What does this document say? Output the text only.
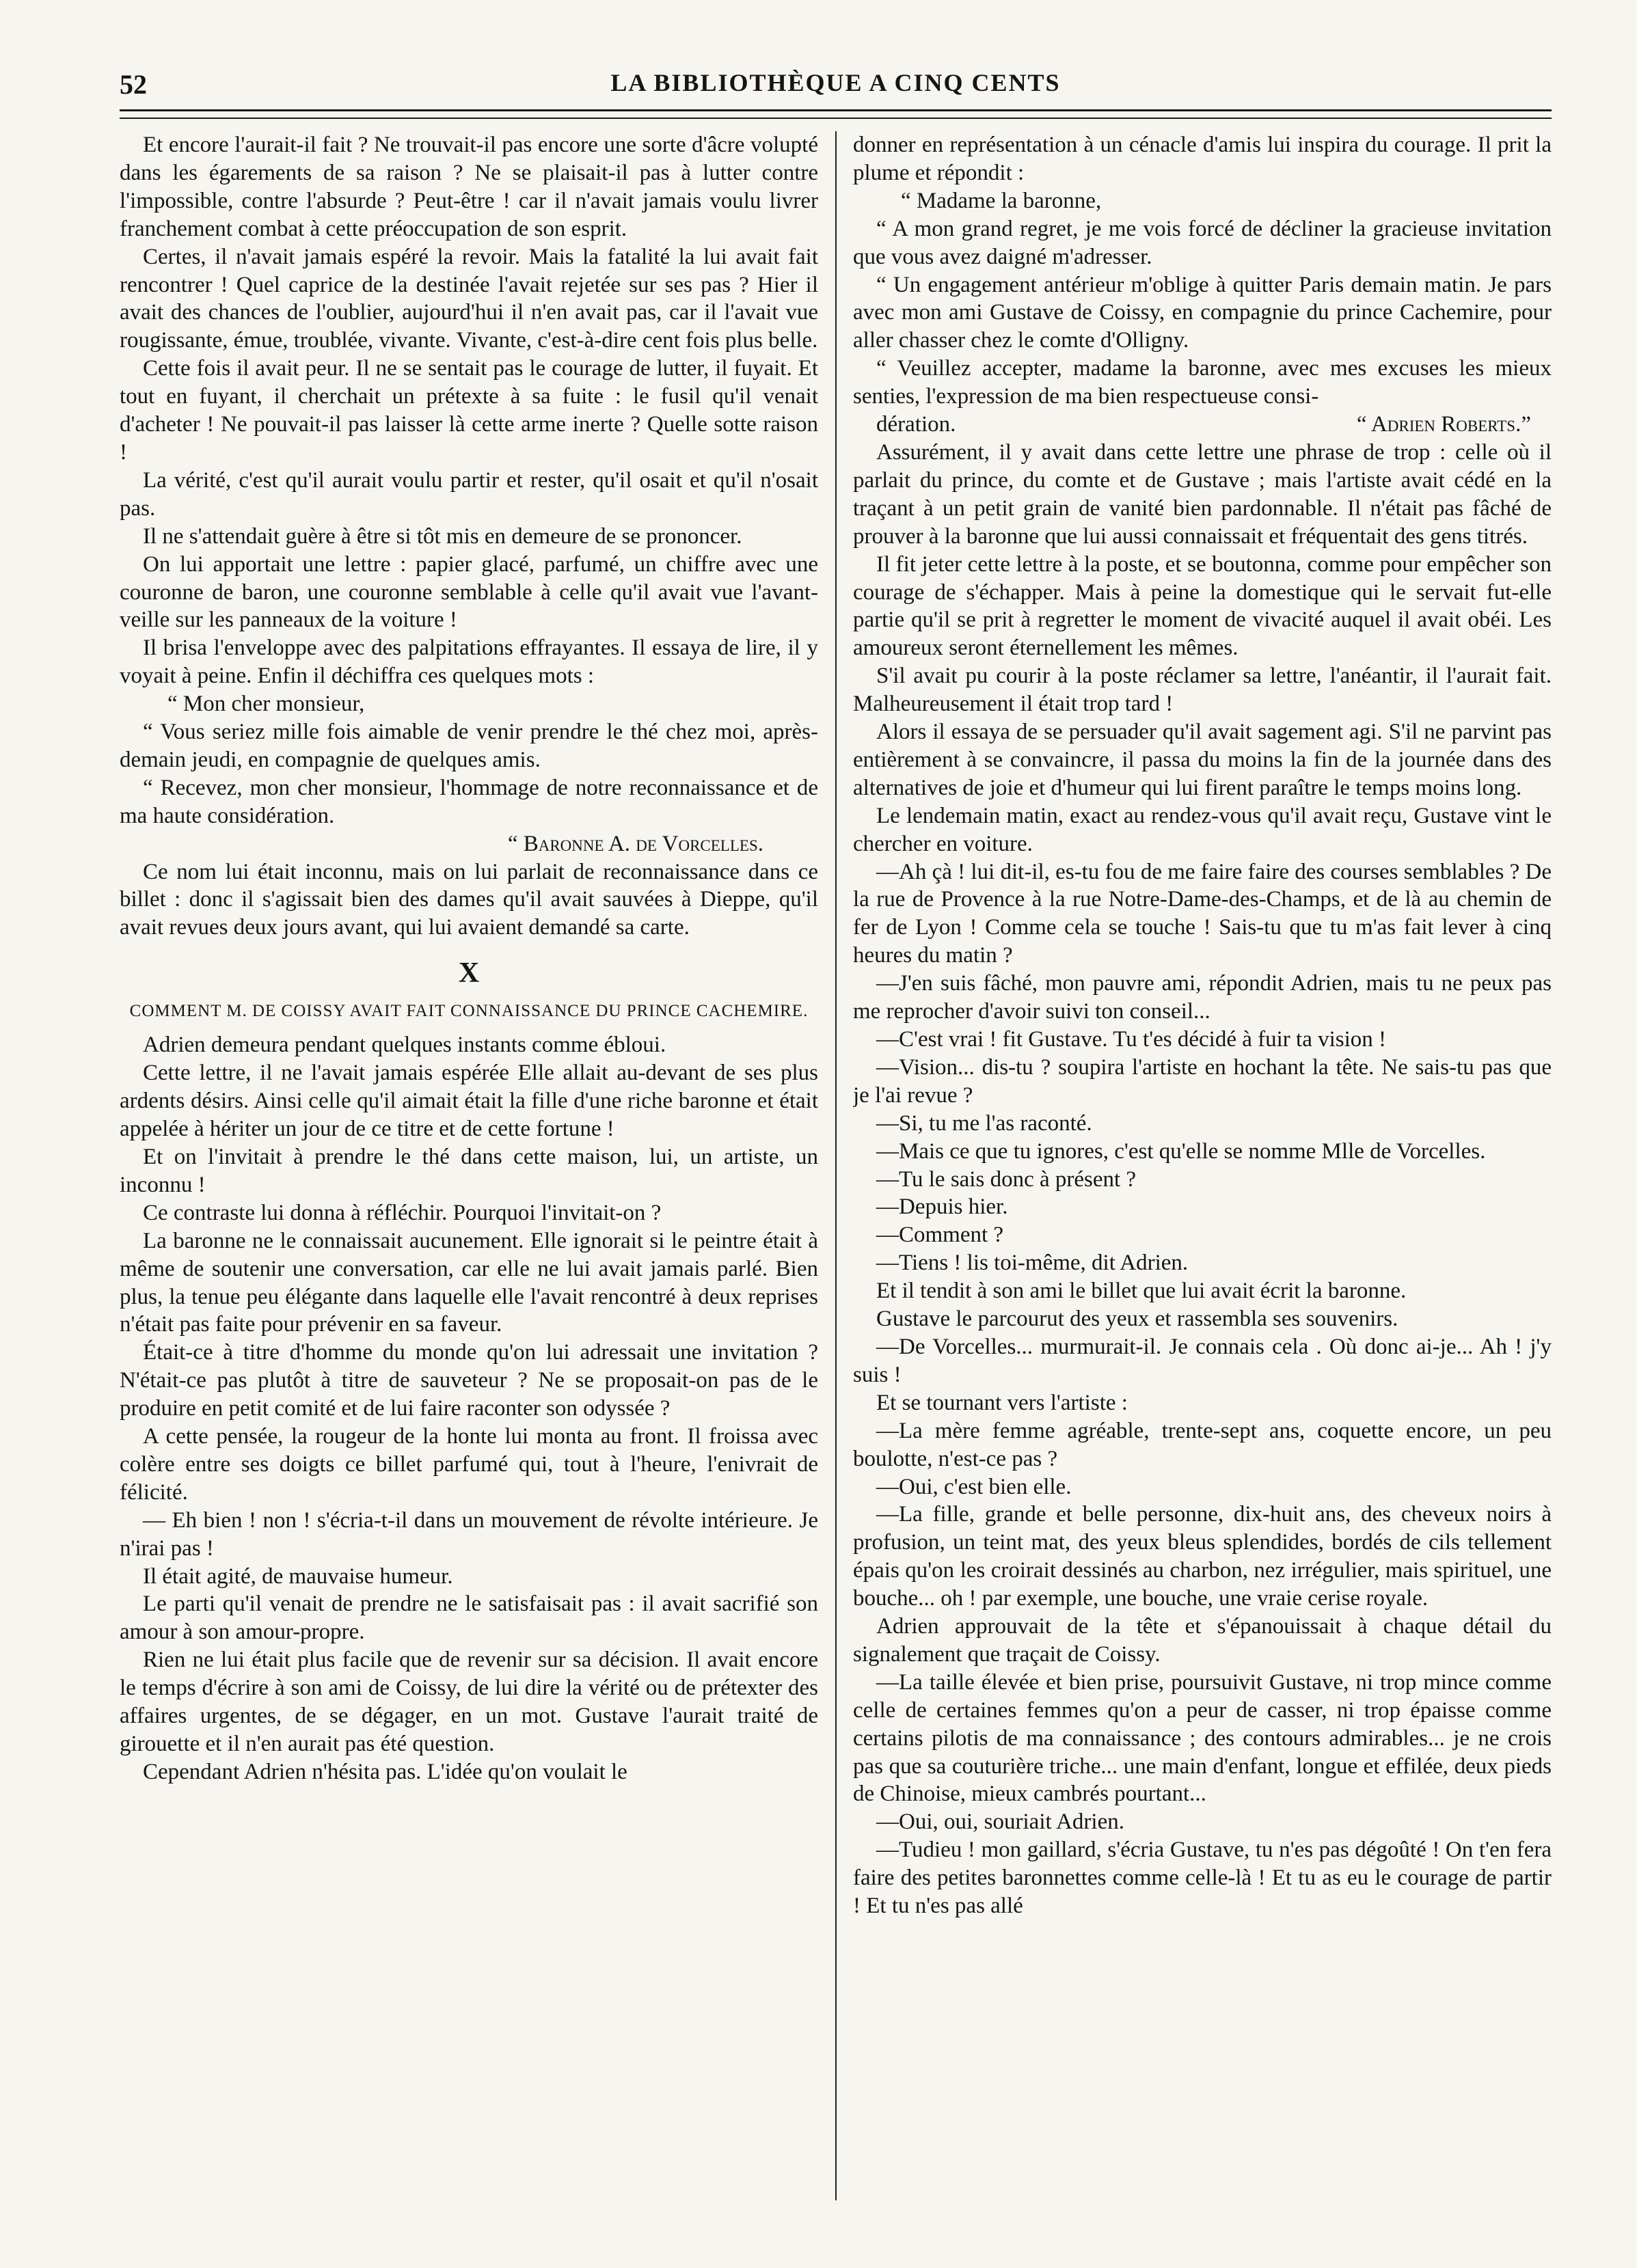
52	LA BIBLIOTHÈQUE A CINQ CENTS

Et encore l'aurait-il fait ? Ne trouvait-il pas encore une sorte d'âcre volupté dans les égarements de sa raison ? Ne se plaisait-il pas à lutter contre l'impossible, contre l'absurde ? Peut-être ! car il n'avait jamais voulu livrer franchement combat à cette préoccupation de son esprit.

Certes, il n'avait jamais espéré la revoir. Mais la fatalité la lui avait fait rencontrer ! Quel caprice de la destinée l'avait rejetée sur ses pas ? Hier il avait des chances de l'oublier, aujourd'hui il n'en avait pas, car il l'avait vue rougissante, émue, troublée, vivante. Vivante, c'est-à-dire cent fois plus belle.

Cette fois il avait peur. Il ne se sentait pas le courage de lutter, il fuyait. Et tout en fuyant, il cherchait un prétexte à sa fuite : le fusil qu'il venait d'acheter ! Ne pouvait-il pas laisser là cette arme inerte ? Quelle sotte raison !

La vérité, c'est qu'il aurait voulu partir et rester, qu'il osait et qu'il n'osait pas.

Il ne s'attendait guère à être si tôt mis en demeure de se prononcer.

On lui apportait une lettre : papier glacé, parfumé, un chiffre avec une couronne de baron, une couronne semblable à celle qu'il avait vue l'avant-veille sur les panneaux de la voiture !

Il brisa l'enveloppe avec des palpitations effrayantes. Il essaya de lire, il y voyait à peine. Enfin il déchiffra ces quelques mots :

“ Mon cher monsieur,

“ Vous seriez mille fois aimable de venir prendre le thé chez moi, après-demain jeudi, en compagnie de quelques amis.

“ Recevez, mon cher monsieur, l'hommage de notre reconnaissance et de ma haute considération.

“ Baronne A. de Vorcelles.

Ce nom lui était inconnu, mais on lui parlait de reconnaissance dans ce billet : donc il s'agissait bien des dames qu'il avait sauvées à Dieppe, qu'il avait revues deux jours avant, qui lui avaient demandé sa carte.

X
COMMENT M. DE COISSY AVAIT FAIT CONNAISSANCE DU PRINCE CACHEMIRE.

Adrien demeura pendant quelques instants comme ébloui.

Cette lettre, il ne l'avait jamais espérée Elle allait au-devant de ses plus ardents désirs. Ainsi celle qu'il aimait était la fille d'une riche baronne et était appelée à hériter un jour de ce titre et de cette fortune !

Et on l'invitait à prendre le thé dans cette maison, lui, un artiste, un inconnu !

Ce contraste lui donna à réfléchir. Pourquoi l'invitait-on ?

La baronne ne le connaissait aucunement. Elle ignorait si le peintre était à même de soutenir une conversation, car elle ne lui avait jamais parlé. Bien plus, la tenue peu élégante dans laquelle elle l'avait rencontré à deux reprises n'était pas faite pour prévenir en sa faveur.

Était-ce à titre d'homme du monde qu'on lui adressait une invitation ? N'était-ce pas plutôt à titre de sauveteur ? Ne se proposait-on pas de le produire en petit comité et de lui faire raconter son odyssée ?

A cette pensée, la rougeur de la honte lui monta au front. Il froissa avec colère entre ses doigts ce billet parfumé qui, tout à l'heure, l'enivrait de félicité.

— Eh bien ! non ! s'écria-t-il dans un mouvement de révolte intérieure. Je n'irai pas !

Il était agité, de mauvaise humeur.

Le parti qu'il venait de prendre ne le satisfaisait pas : il avait sacrifié son amour à son amour-propre.

Rien ne lui était plus facile que de revenir sur sa décision. Il avait encore le temps d'écrire à son ami de Coissy, de lui dire la vérité ou de prétexter des affaires urgentes, de se dégager, en un mot. Gustave l'aurait traité de girouette et il n'en aurait pas été question.

Cependant Adrien n'hésita pas. L'idée qu'on voulait le

donner en représentation à un cénacle d'amis lui inspira du courage. Il prit la plume et répondit :

“ Madame la baronne,

“ A mon grand regret, je me vois forcé de décliner la gracieuse invitation que vous avez daigné m'adresser.

“ Un engagement antérieur m'oblige à quitter Paris demain matin. Je pars avec mon ami Gustave de Coissy, en compagnie du prince Cachemire, pour aller chasser chez le comte d'Olligny.

“ Veuillez accepter, madame la baronne, avec mes excuses les mieux senties, l'expression de ma bien respectueuse consi-

dération.	“ Adrien Roberts.”

Assurément, il y avait dans cette lettre une phrase de trop : celle où il parlait du prince, du comte et de Gustave ; mais l'artiste avait cédé en la traçant à un petit grain de vanité bien pardonnable. Il n'était pas fâché de prouver à la baronne que lui aussi connaissait et fréquentait des gens titrés.

Il fit jeter cette lettre à la poste, et se boutonna, comme pour empêcher son courage de s'échapper. Mais à peine la domestique qui le servait fut-elle partie qu'il se prit à regretter le moment de vivacité auquel il avait obéi. Les amoureux seront éternellement les mêmes.

S'il avait pu courir à la poste réclamer sa lettre, l'anéantir, il l'aurait fait. Malheureusement il était trop tard !

Alors il essaya de se persuader qu'il avait sagement agi. S'il ne parvint pas entièrement à se convaincre, il passa du moins la fin de la journée dans des alternatives de joie et d'humeur qui lui firent paraître le temps moins long.

Le lendemain matin, exact au rendez-vous qu'il avait reçu, Gustave vint le chercher en voiture.

—Ah çà ! lui dit-il, es-tu fou de me faire faire des courses semblables ? De la rue de Provence à la rue Notre-Dame-des-Champs, et de là au chemin de fer de Lyon ! Comme cela se touche ! Sais-tu que tu m'as fait lever à cinq heures du matin ?

—J'en suis fâché, mon pauvre ami, répondit Adrien, mais tu ne peux pas me reprocher d'avoir suivi ton conseil...

—C'est vrai ! fit Gustave. Tu t'es décidé à fuir ta vision !

—Vision... dis-tu ? soupira l'artiste en hochant la tête. Ne sais-tu pas que je l'ai revue ?

—Si, tu me l'as raconté.

—Mais ce que tu ignores, c'est qu'elle se nomme Mlle de Vorcelles.

—Tu le sais donc à présent ?

—Depuis hier.

—Comment ?

—Tiens ! lis toi-même, dit Adrien.

Et il tendit à son ami le billet que lui avait écrit la baronne.

Gustave le parcourut des yeux et rassembla ses souvenirs.

—De Vorcelles... murmurait-il. Je connais cela . Où donc ai-je... Ah ! j'y suis !

Et se tournant vers l'artiste :

—La mère femme agréable, trente-sept ans, coquette encore, un peu boulotte, n'est-ce pas ?

—Oui, c'est bien elle.

—La fille, grande et belle personne, dix-huit ans, des cheveux noirs à profusion, un teint mat, des yeux bleus splendides, bordés de cils tellement épais qu'on les croirait dessinés au charbon, nez irrégulier, mais spirituel, une bouche... oh ! par exemple, une bouche, une vraie cerise royale.

Adrien approuvait de la tête et s'épanouissait à chaque détail du signalement que traçait de Coissy.

—La taille élevée et bien prise, poursuivit Gustave, ni trop mince comme celle de certaines femmes qu'on a peur de casser, ni trop épaisse comme certains pilotis de ma connaissance ; des contours admirables... je ne crois pas que sa couturière triche... une main d'enfant, longue et effilée, deux pieds de Chinoise, mieux cambrés pourtant...

—Oui, oui, souriait Adrien.

—Tudieu ! mon gaillard, s'écria Gustave, tu n'es pas dégoûté ! On t'en fera faire des petites baronnettes comme celle-là ! Et tu as eu le courage de partir ! Et tu n'es pas allé
